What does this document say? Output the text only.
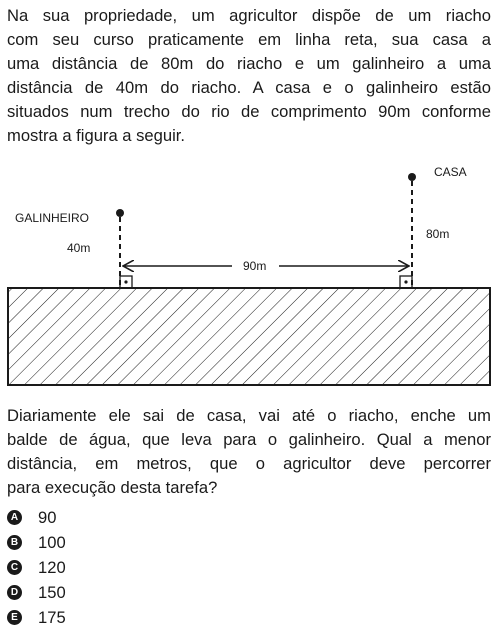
Na sua propriedade, um agricultor dispõe de um riacho
com seu curso praticamente em linha reta, sua casa a
uma distância de 80m do riacho e um galinheiro a uma
distância de 40m do riacho. A casa e o galinheiro estão
situados num trecho do rio de comprimento 90m conforme
mostra a figura a seguir.
CASA
GALINHEIRO
80m
40m
90m
Diariamente ele sai de casa, vai até o riacho, enche um
balde de água, que leva para o galinheiro. Qual a menor
distância, em metros, que o agricultor deve percorrer
para execução desta tarefa?
A 90
B 100
C 120
D 150
E 175
